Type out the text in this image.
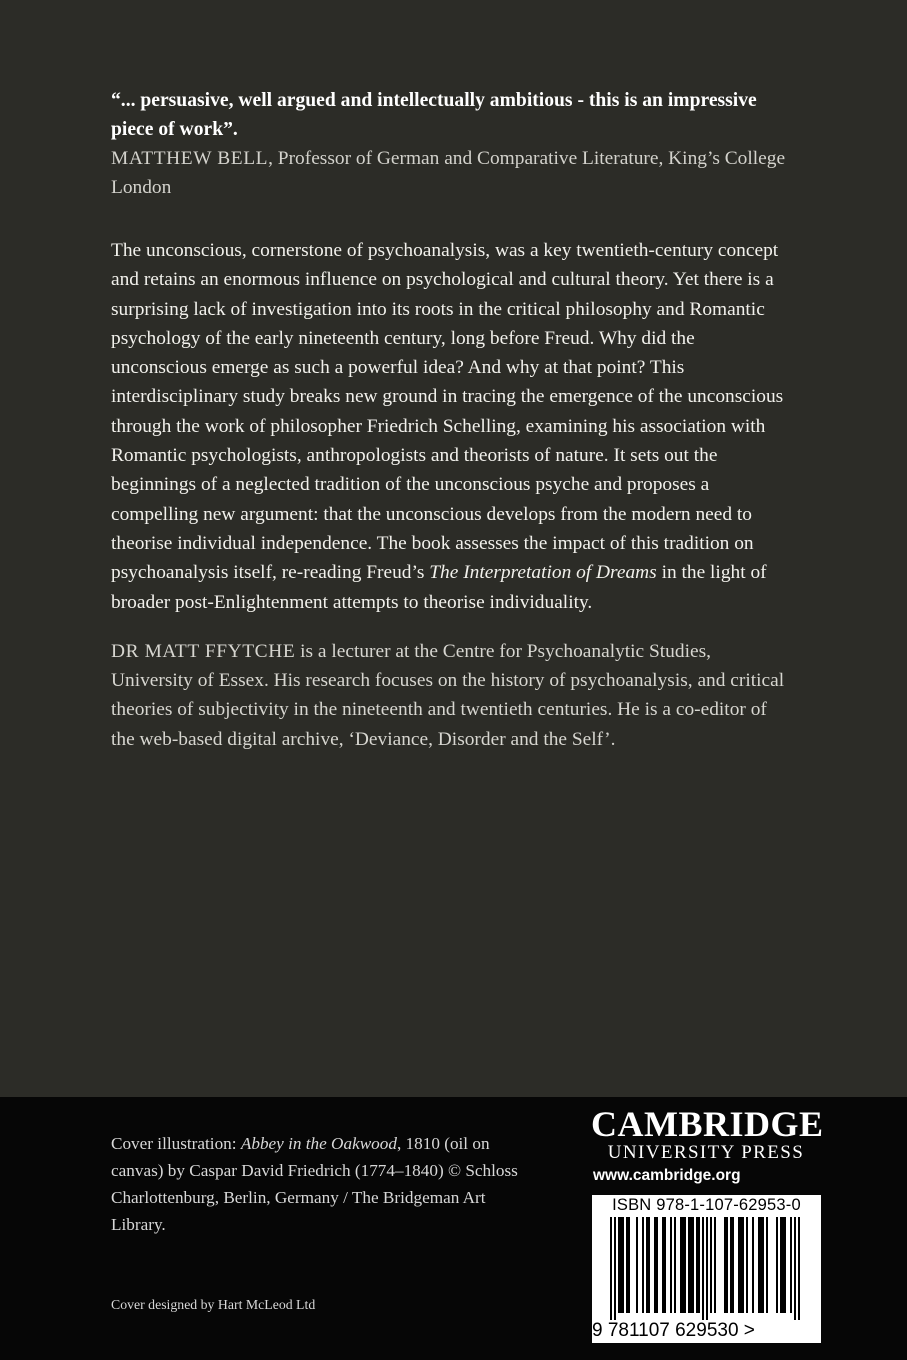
“... persuasive, well argued and intellectually ambitious - this is an impressive piece of work”.

MATTHEW BELL, Professor of German and Comparative Literature, King’s College London

The unconscious, cornerstone of psychoanalysis, was a key twentieth-century concept and retains an enormous influence on psychological and cultural theory. Yet there is a surprising lack of investigation into its roots in the critical philosophy and Romantic psychology of the early nineteenth century, long before Freud. Why did the unconscious emerge as such a powerful idea? And why at that point? This interdisciplinary study breaks new ground in tracing the emergence of the unconscious through the work of philosopher Friedrich Schelling, examining his association with Romantic psychologists, anthropologists and theorists of nature. It sets out the beginnings of a neglected tradition of the unconscious psyche and proposes a compelling new argument: that the unconscious develops from the modern need to theorise individual independence. The book assesses the impact of this tradition on psychoanalysis itself, re-reading Freud’s The Interpretation of Dreams in the light of broader post-Enlightenment attempts to theorise individuality.

DR MATT FFYTCHE is a lecturer at the Centre for Psychoanalytic Studies, University of Essex. His research focuses on the history of psychoanalysis, and critical theories of subjectivity in the nineteenth and twentieth centuries. He is a co-editor of the web-based digital archive, ‘Deviance, Disorder and the Self’.

Cover illustration: Abbey in the Oakwood, 1810 (oil on canvas) by Caspar David Friedrich (1774–1840) © Schloss Charlottenburg, Berlin, Germany / The Bridgeman Art Library.

Cover designed by Hart McLeod Ltd

CAMBRIDGE

UNIVERSITY PRESS

www.cambridge.org

ISBN 978-1-107-62953-0

9 781107 629530 >
